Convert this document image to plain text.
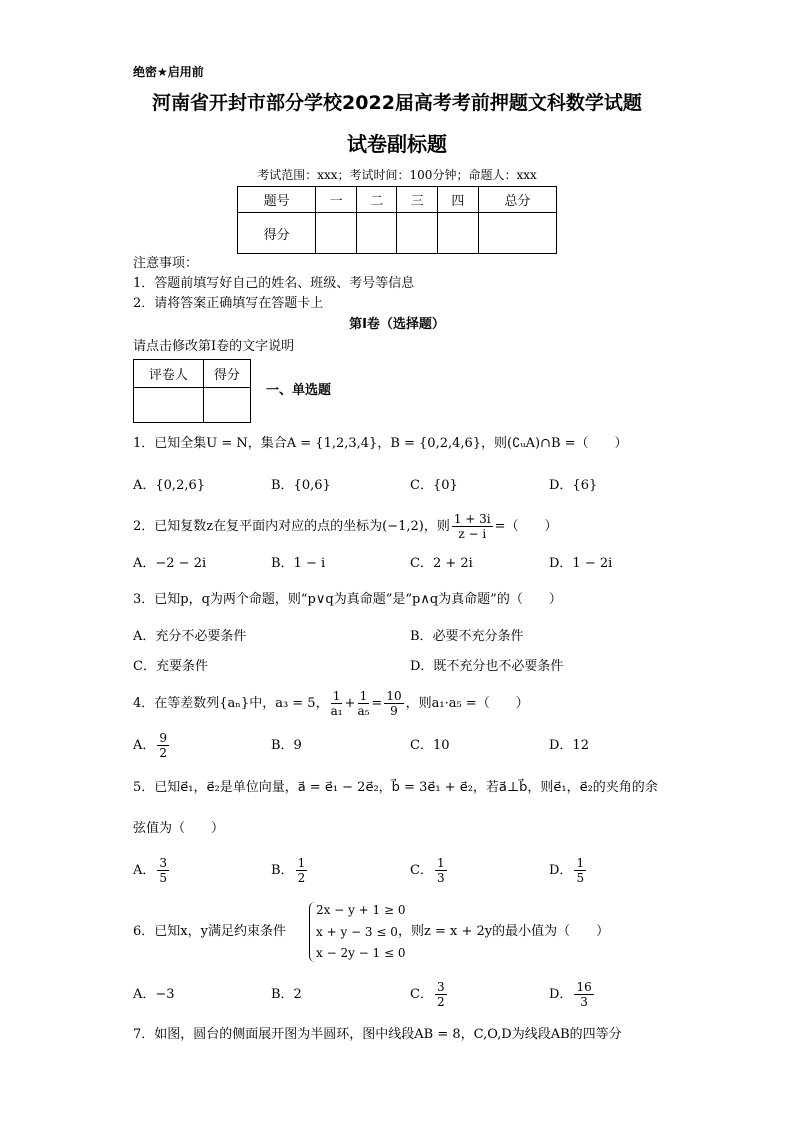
绝密★启用前
河南省开封市部分学校2022届高考考前押题文科数学试题
试卷副标题
考试范围：xxx；考试时间：100分钟；命题人：xxx
题号	一	二	三	四	总分
得分					
注意事项：
1．答题前填写好自己的姓名、班级、考号等信息
2．请将答案正确填写在答题卡上
第I卷（选择题）
请点击修改第I卷的文字说明
评卷人	得分

一、单选题
1．已知全集U = N，集合A = {1,2,3,4}，B = {0,2,4,6}，则(∁ᵤA)∩B =（　　）
A．{0,2,6}	B．{0,6}	C．{0}	D．{6}
2．已知复数z在复平面内对应的点的坐标为(−1,2)，则 $\frac{1 + 3i}{z - i}$ =（　　）
A．−2 − 2i	B．1 − i	C．2 + 2i	D．1 − 2i
3．已知p，q为两个命题，则“p∨q为真命题”是“p∧q为真命题”的（　　）
A．充分不必要条件	B．必要不充分条件
C．充要条件	D．既不充分也不必要条件
4．在等差数列{aₙ}中，a₃ = 5， $\frac{1}{\text{a₁}} + \frac{1}{\text{a₅}} = \frac{10}{9}$ ，则a₁·a₅ =（　　）
A． $\frac{9}{2}$	B．9	C．10	D．12
5．已知e⃗₁，e⃗₂是单位向量，a⃗ = e⃗₁ − 2e⃗₂，b⃗ = 3e⃗₁ + e⃗₂，若a⃗⊥b⃗，则e⃗₁，e⃗₂的夹角的余
弦值为（　　）
A． $\frac{3}{5}$	B． $\frac{1}{2}$	C． $\frac{1}{3}$	D． $\frac{1}{5}$
6．已知x，y满足约束条件
2x − y + 1 ≥ 0
x + y − 3 ≤ 0
x − 2y − 1 ≤ 0
，则z = x + 2y的最小值为（　　）
A．−3	B．2	C． $\frac{3}{2}$	D． $\frac{16}{3}$
7．如图，圆台的侧面展开图为半圆环，图中线段AB = 8，C,O,D为线段AB的四等分
